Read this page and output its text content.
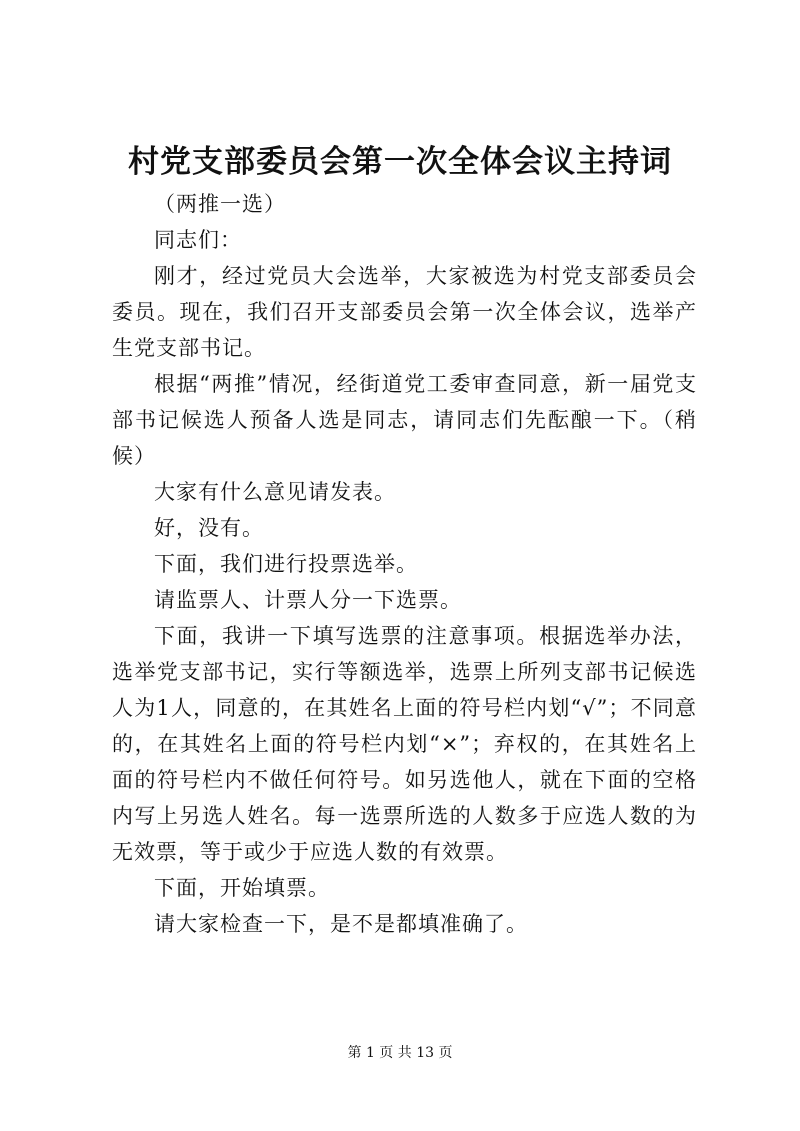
村党支部委员会第一次全体会议主持词

（两推一选）

同志们：

刚才，经过党员大会选举，大家被选为村党支部委员会委员。现在，我们召开支部委员会第一次全体会议，选举产生党支部书记。

根据“两推”情况，经街道党工委审查同意，新一届党支部书记候选人预备人选是同志，请同志们先酝酿一下。（稍候）

大家有什么意见请发表。

好，没有。

下面，我们进行投票选举。

请监票人、计票人分一下选票。

下面，我讲一下填写选票的注意事项。根据选举办法，选举党支部书记，实行等额选举，选票上所列支部书记候选人为1人，同意的，在其姓名上面的符号栏内划“√”；不同意的，在其姓名上面的符号栏内划“×”；弃权的，在其姓名上面的符号栏内不做任何符号。如另选他人，就在下面的空格内写上另选人姓名。每一选票所选的人数多于应选人数的为无效票，等于或少于应选人数的有效票。

下面，开始填票。

请大家检查一下，是不是都填准确了。

第 1 页 共 13 页
